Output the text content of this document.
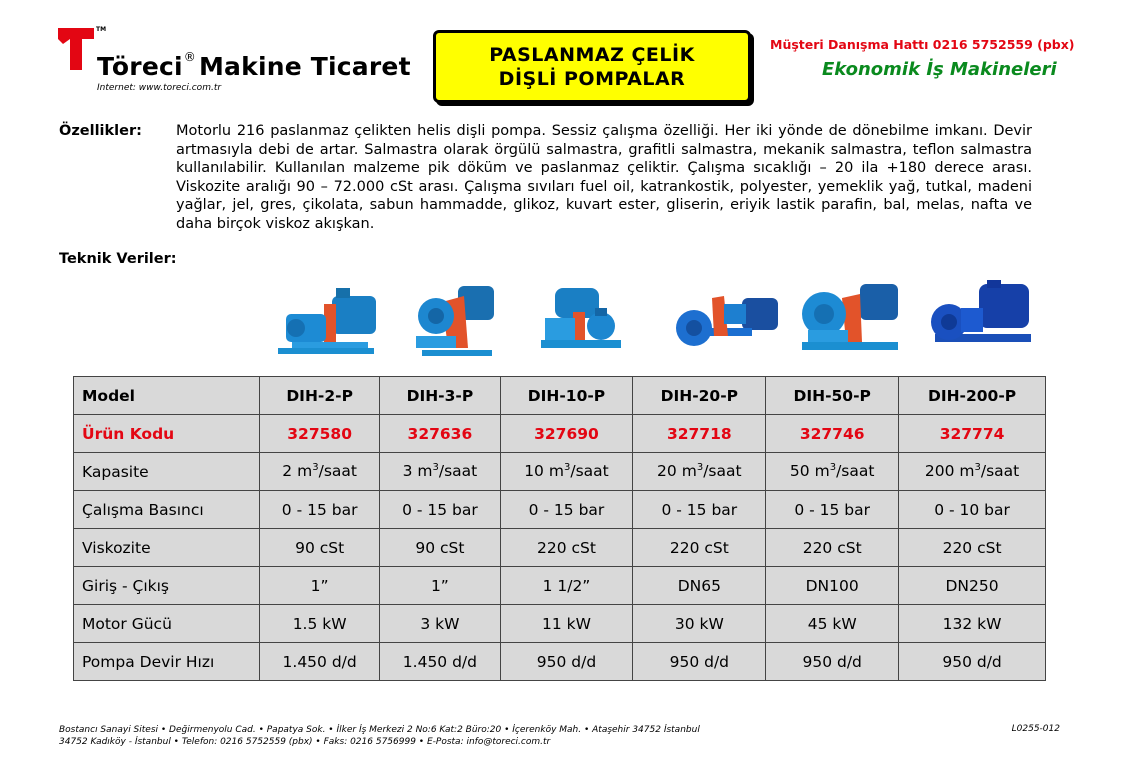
TM
Töreci® Makine Ticaret
Internet: www.toreci.com.tr
PASLANMAZ ÇELİK
DİŞLİ POMPALAR
Müşteri Danışma Hattı 0216 5752559 (pbx)
Ekonomik İş Makineleri
Özellikler: Motorlu 216 paslanmaz çelikten helis dişli pompa. Sessiz çalışma özelliği. Her iki yönde de dönebilme imkanı. Devir artmasıyla debi de artar. Salmastra olarak örgülü salmastra, grafitli salmastra, mekanik salmastra, teflon salmastra kullanılabilir. Kullanılan malzeme pik döküm ve paslanmaz çeliktir. Çalışma sıcaklığı – 20 ila +180 derece arası. Viskozite aralığı 90 – 72.000 cSt arası. Çalışma sıvıları fuel oil, katrankostik, polyester, yemeklik yağ, tutkal, madeni yağlar, jel, gres, çikolata, sabun hammadde, glikoz, kuvart ester, gliserin, eriyik lastik parafin, bal, melas, nafta ve daha birçok viskoz akışkan.
Teknik Veriler:
Model	DIH-2-P	DIH-3-P	DIH-10-P	DIH-20-P	DIH-50-P	DIH-200-P
Ürün Kodu	327580	327636	327690	327718	327746	327774
Kapasite	2 $m^3$/saat	3 $m^3$/saat	10 $m^3$/saat	20 $m^3$/saat	50 $m^3$/saat	200 $m^3$/saat
Çalışma Basıncı	0 - 15 bar	0 - 15 bar	0 - 15 bar	0 - 15 bar	0 - 15 bar	0 - 10 bar
Viskozite	90 cSt	90 cSt	220 cSt	220 cSt	220 cSt	220 cSt
Giriş - Çıkış	1”	1”	1 1/2”	DN65	DN100	DN250
Motor Gücü	1.5 kW	3 kW	11 kW	30 kW	45 kW	132 kW
Pompa Devir Hızı	1.450 d/d	1.450 d/d	950 d/d	950 d/d	950 d/d	950 d/d
Bostancı Sanayi Sitesi • Değirmenyolu Cad. • Papatya Sok. • İlker İş Merkezi 2 No:6 Kat:2 Büro:20 • İçerenköy Mah. • Ataşehir 34752 İstanbul
34752 Kadıköy - İstanbul • Telefon: 0216 5752559 (pbx) • Faks: 0216 5756999 • E-Posta: info@toreci.com.tr
L0255-012
